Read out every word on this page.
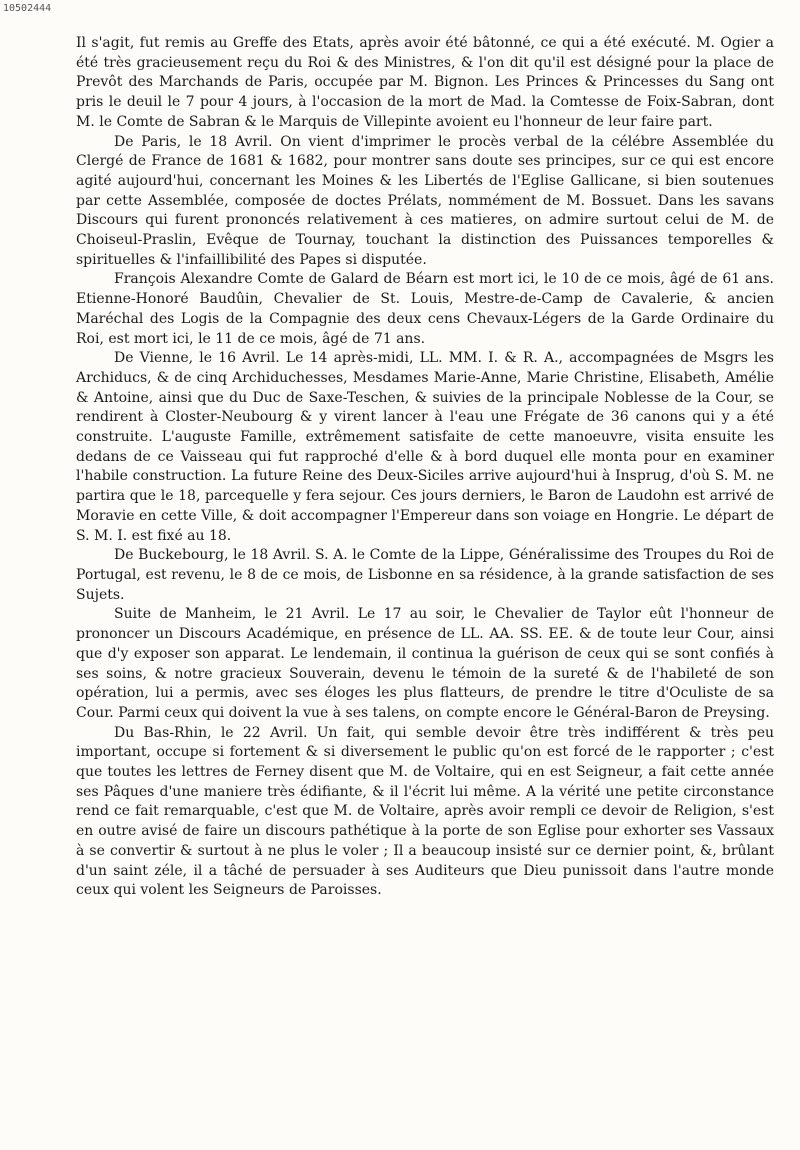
10502444

Il s'agit, fut remis au Greffe des Etats, après avoir été bâtonné, ce qui a été exécuté. M. Ogier a été très gracieusement reçu du Roi & des Ministres, & l'on dit qu'il est désigné pour la place de Prevôt des Marchands de Paris, occupée par M. Bignon. Les Princes & Princesses du Sang ont pris le deuil le 7 pour 4 jours, à l'occasion de la mort de Mad. la Comtesse de Foix-Sabran, dont M. le Comte de Sabran & le Marquis de Villepinte avoient eu l'honneur de leur faire part.

De Paris, le 18 Avril. On vient d'imprimer le procès verbal de la célébre Assemblée du Clergé de France de 1681 & 1682, pour montrer sans doute ses principes, sur ce qui est encore agité aujourd'hui, concernant les Moines & les Libertés de l'Eglise Gallicane, si bien soutenues par cette Assemblée, composée de doctes Prélats, nommément de M. Bossuet. Dans les savans Discours qui furent prononcés relativement à ces matieres, on admire surtout celui de M. de Choiseul-Praslin, Evêque de Tournay, touchant la distinction des Puissances temporelles & spirituelles & l'infaillibilité des Papes si disputée.

François Alexandre Comte de Galard de Béarn est mort ici, le 10 de ce mois, âgé de 61 ans. Etienne-Honoré Baudûin, Chevalier de St. Louis, Mestre-de-Camp de Cavalerie, & ancien Maréchal des Logis de la Compagnie des deux cens Chevaux-Légers de la Garde Ordinaire du Roi, est mort ici, le 11 de ce mois, âgé de 71 ans.

De Vienne, le 16 Avril. Le 14 après-midi, LL. MM. I. & R. A., accompagnées de Msgrs les Archiducs, & de cinq Archiduchesses, Mesdames Marie-Anne, Marie Christine, Elisabeth, Amélie & Antoine, ainsi que du Duc de Saxe-Teschen, & suivies de la principale Noblesse de la Cour, se rendirent à Closter-Neubourg & y virent lancer à l'eau une Frégate de 36 canons qui y a été construite. L'auguste Famille, extrêmement satisfaite de cette manoeuvre, visita ensuite les dedans de ce Vaisseau qui fut rapproché d'elle & à bord duquel elle monta pour en examiner l'habile construction. La future Reine des Deux-Siciles arrive aujourd'hui à Insprug, d'où S. M. ne partira que le 18, parcequelle y fera sejour. Ces jours derniers, le Baron de Laudohn est arrivé de Moravie en cette Ville, & doit accompagner l'Empereur dans son voiage en Hongrie. Le départ de S. M. I. est fixé au 18.

De Buckebourg, le 18 Avril. S. A. le Comte de la Lippe, Généralissime des Troupes du Roi de Portugal, est revenu, le 8 de ce mois, de Lisbonne en sa résidence, à la grande satisfaction de ses Sujets.

Suite de Manheim, le 21 Avril. Le 17 au soir, le Chevalier de Taylor eût l'honneur de prononcer un Discours Académique, en présence de LL. AA. SS. EE. & de toute leur Cour, ainsi que d'y exposer son apparat. Le lendemain, il continua la guérison de ceux qui se sont confiés à ses soins, & notre gracieux Souverain, devenu le témoin de la sureté & de l'habileté de son opération, lui a permis, avec ses éloges les plus flatteurs, de prendre le titre d'Oculiste de sa Cour. Parmi ceux qui doivent la vue à ses talens, on compte encore le Général-Baron de Preysing.

Du Bas-Rhin, le 22 Avril. Un fait, qui semble devoir être très indifférent & très peu important, occupe si fortement & si diversement le public qu'on est forcé de le rapporter ; c'est que toutes les lettres de Ferney disent que M. de Voltaire, qui en est Seigneur, a fait cette année ses Pâques d'une maniere très édifiante, & il l'écrit lui même. A la vérité une petite circonstance rend ce fait remarquable, c'est que M. de Voltaire, après avoir rempli ce devoir de Religion, s'est en outre avisé de faire un discours pathétique à la porte de son Eglise pour exhorter ses Vassaux à se convertir & surtout à ne plus le voler ; Il a beaucoup insisté sur ce dernier point, &, brûlant d'un saint zéle, il a tâché de persuader à ses Auditeurs que Dieu punissoit dans l'autre monde ceux qui volent les Seigneurs de Paroisses.
